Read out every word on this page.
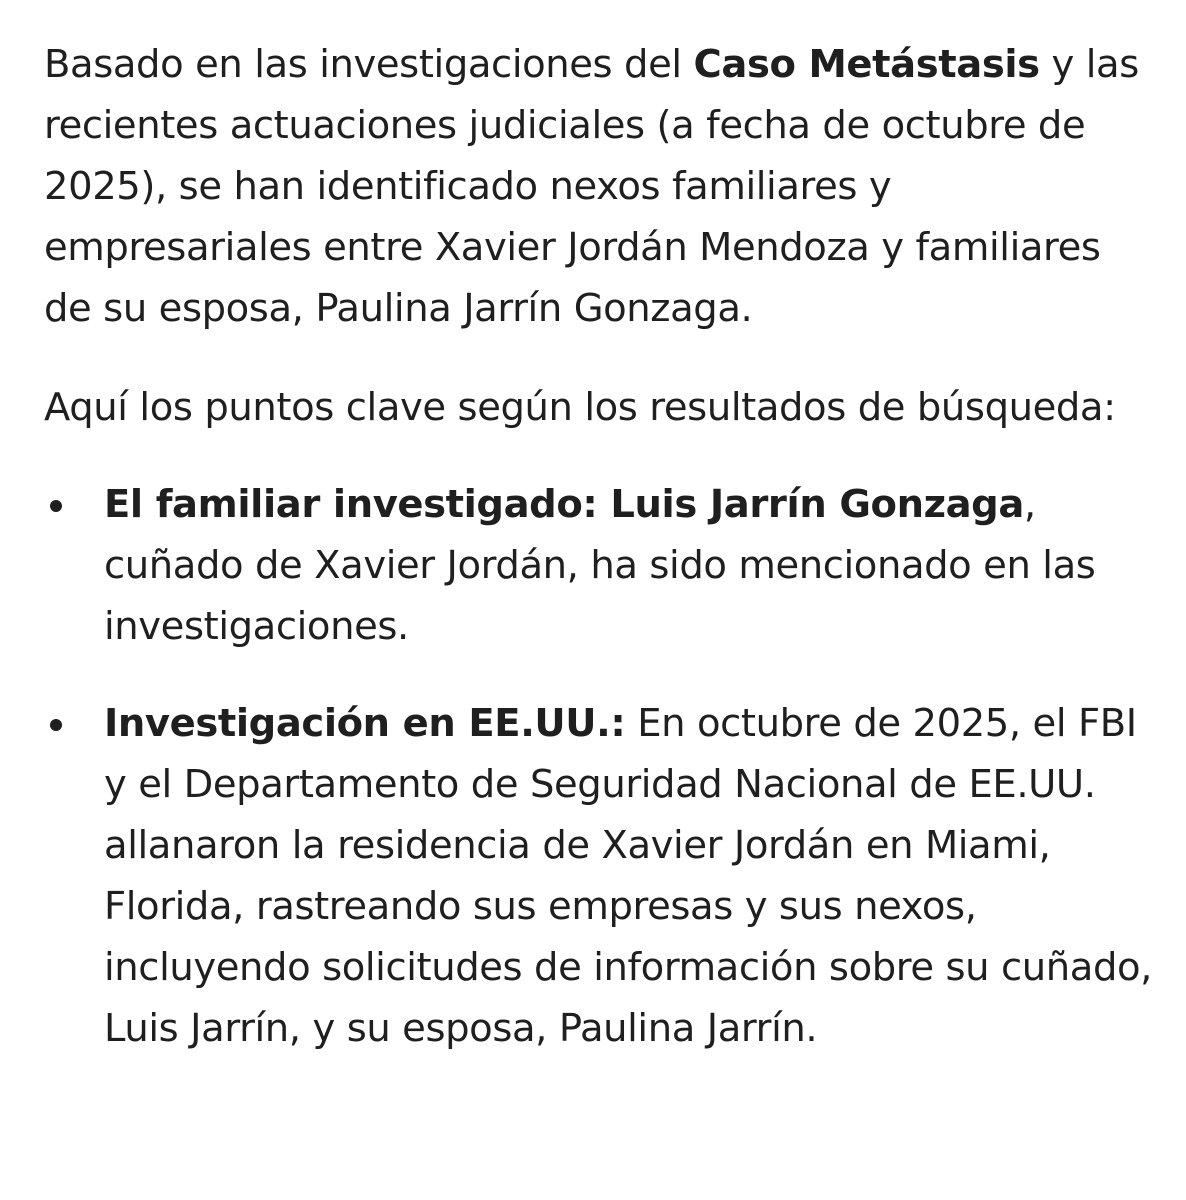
Basado en las investigaciones del Caso Metástasis y las recientes actuaciones judiciales (a fecha de octubre de 2025), se han identificado nexos familiares y empresariales entre Xavier Jordán Mendoza y familiares de su esposa, Paulina Jarrín Gonzaga.

Aquí los puntos clave según los resultados de búsqueda:

El familiar investigado: Luis Jarrín Gonzaga, cuñado de Xavier Jordán, ha sido mencionado en las investigaciones.
Investigación en EE.UU.: En octubre de 2025, el FBI y el Departamento de Seguridad Nacional de EE.UU. allanaron la residencia de Xavier Jordán en Miami, Florida, rastreando sus empresas y sus nexos, incluyendo solicitudes de información sobre su cuñado, Luis Jarrín, y su esposa, Paulina Jarrín.
